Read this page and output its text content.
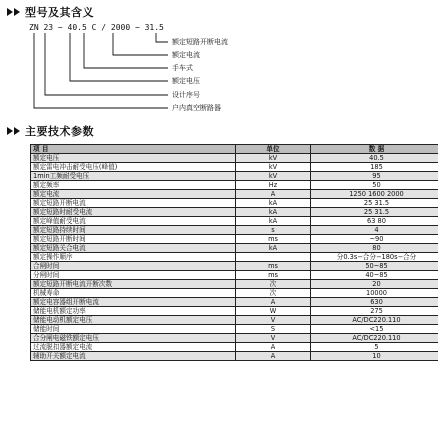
型号及其含义
ZN 23 − 40.5 C / 2000 − 31.5
额定短路开断电流
额定电流
手车式
额定电压
设计序号
户内真空断路器
主要技术参数
项 目	单位	数 据
额定电压	kV	40.5
额定雷电冲击耐受电压(峰值)	kV	185
1min工频耐受电压	kV	95
额定频率	Hz	50
额定电流	A	1250 1600 2000
额定短路开断电流	kA	25 31.5
额定短路时耐受电流	kA	25 31.5
额定峰值耐受电流	kA	63 80
额定短路持续时间	s	4
额定短路开断时间	ms	~90
额定短路关合电流	kA	80
额定操作顺序		分0.3s−合分−180s−合分
合闸时间	ms	50~85
分闸时间	ms	40~85
额定短路开断电流开断次数	次	20
机械寿命	次	10000
额定电容器组开断电流	A	630
储能电机额定功率	W	275
储能电动机额定电压	V	AC/DC220.110
储能时间	S	<15
合分闸电磁铁额定电压	V	AC/DC220.110
过流脱扣器额定电流	A	5
辅助开关额定电流	A	10
